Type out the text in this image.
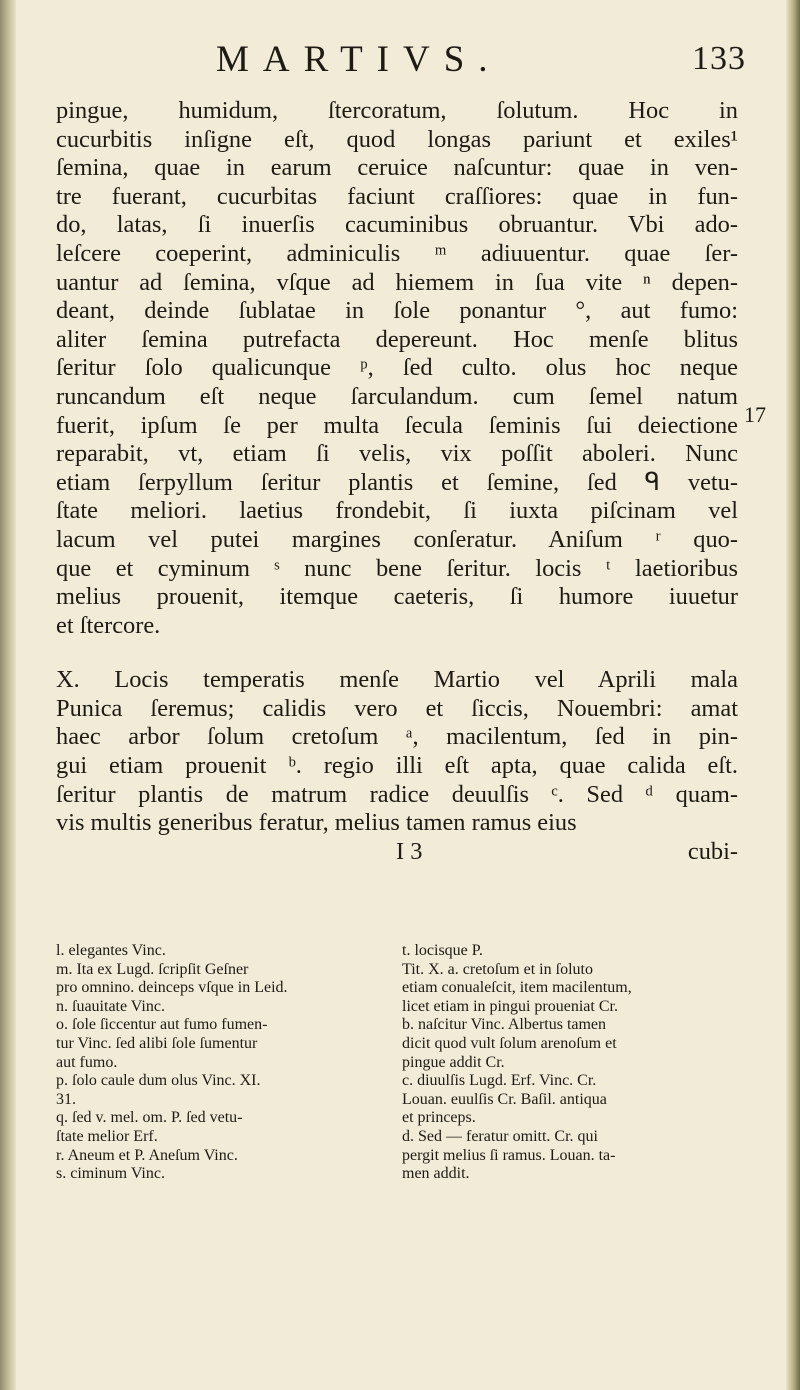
MARTIVS.	133
pingue, humidum, ſtercoratum, ſolutum. Hoc in
cucurbitis inſigne eſt, quod longas pariunt et exiles¹
ſemina, quae in earum ceruice naſcuntur: quae in ven-
tre fuerant, cucurbitas faciunt craſſiores: quae in fun-
do, latas, ſi inuerſis cacuminibus obruantur. Vbi ado-
leſcere coeperint, adminiculis ᵐ adiuuentur. quae ſer-
uantur ad ſemina, vſque ad hiemem in ſua vite ⁿ depen-
deant, deinde ſublatae in ſole ponantur °, aut fumo:
aliter ſemina putrefacta depereunt. Hoc menſe blitus
ſeritur ſolo qualicunque ᵖ, ſed culto. olus hoc neque
runcandum eſt neque ſarculandum. cum ſemel natum
fuerit, ipſum ſe per multa ſecula ſeminis ſui deiectione
reparabit, vt, etiam ſi velis, vix poſſit aboleri. Nunc
etiam ſerpyllum ſeritur plantis et ſemine, ſed ᑫ vetu-
ſtate meliori. laetius frondebit, ſi iuxta piſcinam vel
lacum vel putei margines conſeratur. Aniſum ʳ quo-
que et cyminum ˢ nunc bene ſeritur. locis ᵗ laetioribus
melius prouenit, itemque caeteris, ſi humore iuuetur
et ſtercore.
X. Locis temperatis menſe Martio vel Aprili mala
Punica ſeremus; calidis vero et ſiccis, Nouembri: amat
haec arbor ſolum cretoſum ᵃ, macilentum, ſed in pin-
gui etiam prouenit ᵇ. regio illi eſt apta, quae calida eſt.
ſeritur plantis de matrum radice deuulſis ᶜ. Sed ᵈ quam-
vis multis generibus feratur, melius tamen ramus eius
I 3	cubi-
17
l. elegantes Vinc.
m. Ita ex Lugd. ſcripſit Geſner
pro omnino. deinceps vſque in Leid.
n. ſuauitate Vinc.
o. ſole ſiccentur aut fumo fumen-
tur Vinc. ſed alibi ſole ſumentur
aut fumo.
p. ſolo caule dum olus Vinc. XI.
31.
q. ſed v. mel. om. P. ſed vetu-
ſtate melior Erf.
r. Aneum et P. Aneſum Vinc.
s. ciminum Vinc.
t. locisque P.
Tit. X. a. cretoſum et in ſoluto
etiam conualeſcit, item macilentum,
licet etiam in pingui proueniat Cr.
b. naſcitur Vinc. Albertus tamen
dicit quod vult ſolum arenoſum et
pingue addit Cr.
c. diuulſis Lugd. Erf. Vinc. Cr.
Louan. euulſis Cr. Baſil. antiqua
et princeps.
d. Sed — feratur omitt. Cr. qui
pergit melius ſi ramus. Louan. ta-
men addit.
